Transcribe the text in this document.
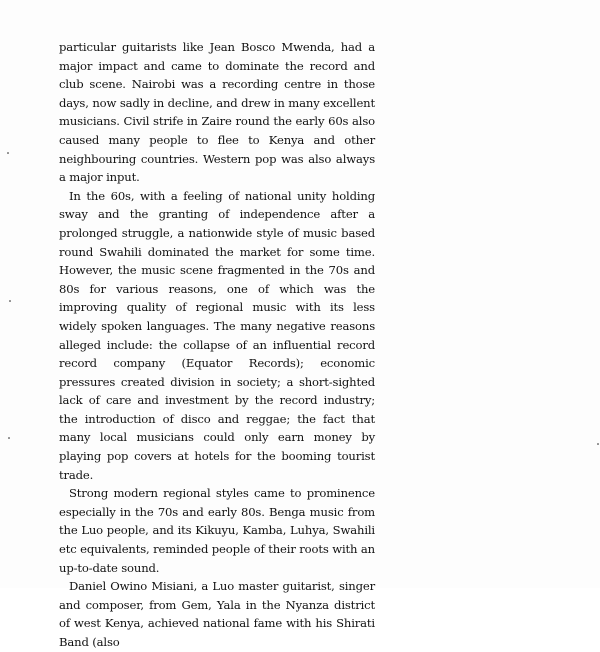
particular guitarists like Jean Bosco Mwenda, had a major impact and came to dominate the record and club scene. Nairobi was a recording centre in those days, now sadly in decline, and drew in many excellent musicians. Civil strife in Zaire round the early 60s also caused many people to flee to Kenya and other neighbouring countries. Western pop was also always a major input.

In the 60s, with a feeling of national unity holding sway and the granting of independence after a prolonged struggle, a nationwide style of music based round Swahili dominated the market for some time. However, the music scene fragmented in the 70s and 80s for various reasons, one of which was the improving quality of regional music with its less widely spoken languages. The many negative reasons alleged include: the collapse of an influential record record company (Equator Records); economic pressures created division in society; a short-sighted lack of care and investment by the record industry; the introduction of disco and reggae; the fact that many local musicians could only earn money by playing pop covers at hotels for the booming tourist trade.

Strong modern regional styles came to prominence especially in the 70s and early 80s. Benga music from the Luo people, and its Kikuyu, Kamba, Luhya, Swahili etc equivalents, reminded people of their roots with an up-to-date sound.

Daniel Owino Misiani, a Luo master guitarist, singer and composer, from Gem, Yala in the Nyanza district of west Kenya, achieved national fame with his Shirati Band (also
